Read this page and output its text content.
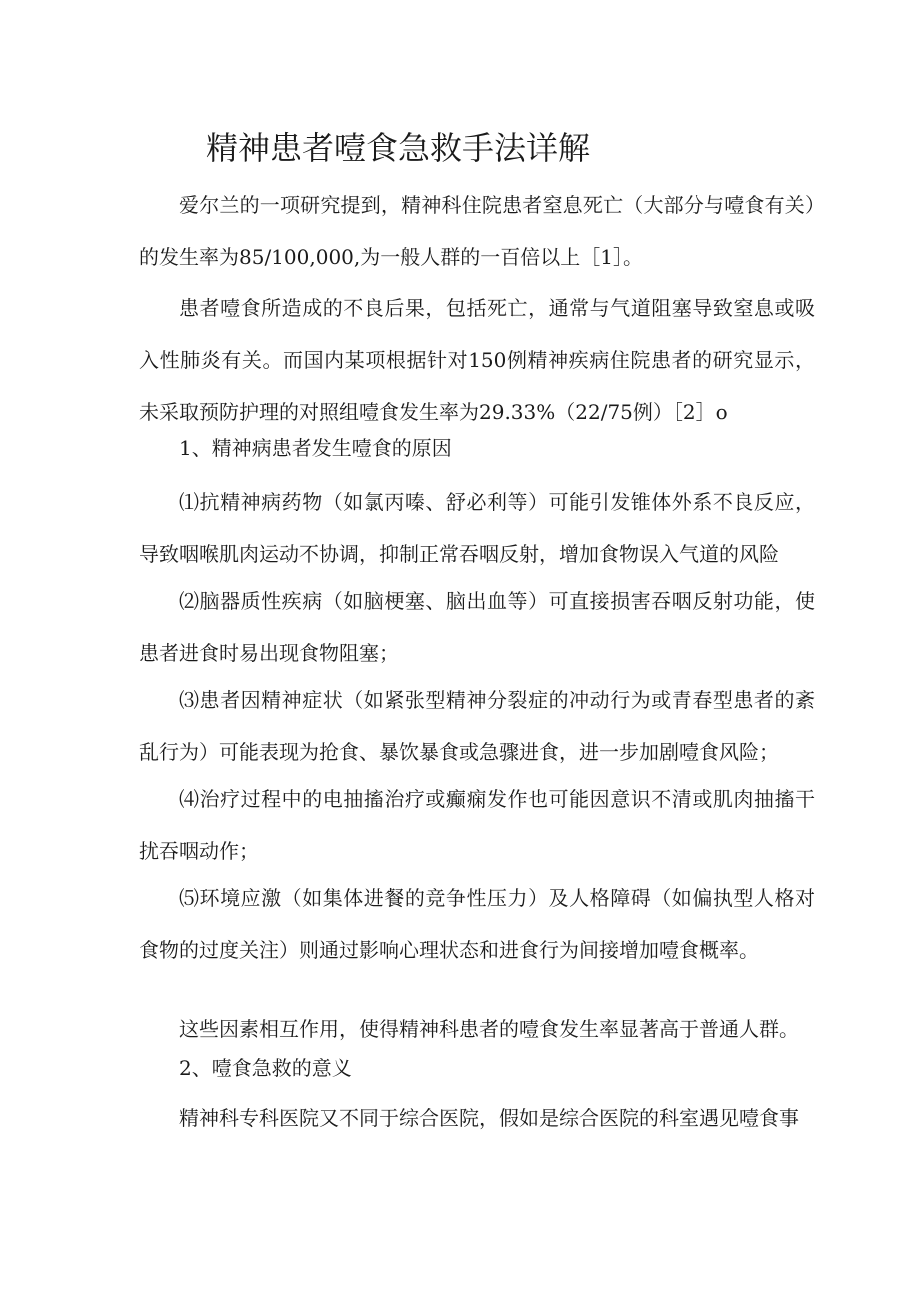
精神患者噎食急救手法详解

爱尔兰的一项研究提到，精神科住院患者窒息死亡（大部分与噎食有关）的发生率为85/100,000,为一般人群的一百倍以上［1］。

患者噎食所造成的不良后果，包括死亡，通常与气道阻塞导致窒息或吸入性肺炎有关。而国内某项根据针对150例精神疾病住院患者的研究显示，未采取预防护理的对照组噎食发生率为29.33%（22/75例）［2］o

1、精神病患者发生噎食的原因

⑴抗精神病药物（如氯丙嗪、舒必利等）可能引发锥体外系不良反应，导致咽喉肌肉运动不协调，抑制正常吞咽反射，增加食物误入气道的风险

⑵脑器质性疾病（如脑梗塞、脑出血等）可直接损害吞咽反射功能，使患者进食时易出现食物阻塞；

⑶患者因精神症状（如紧张型精神分裂症的冲动行为或青春型患者的紊乱行为）可能表现为抢食、暴饮暴食或急骤进食，进一步加剧噎食风险；

⑷治疗过程中的电抽搐治疗或癫痫发作也可能因意识不清或肌肉抽搐干扰吞咽动作；

⑸环境应激（如集体进餐的竞争性压力）及人格障碍（如偏执型人格对食物的过度关注）则通过影响心理状态和进食行为间接增加噎食概率。

这些因素相互作用，使得精神科患者的噎食发生率显著高于普通人群。

2、噎食急救的意义

精神科专科医院又不同于综合医院，假如是综合医院的科室遇见噎食事
